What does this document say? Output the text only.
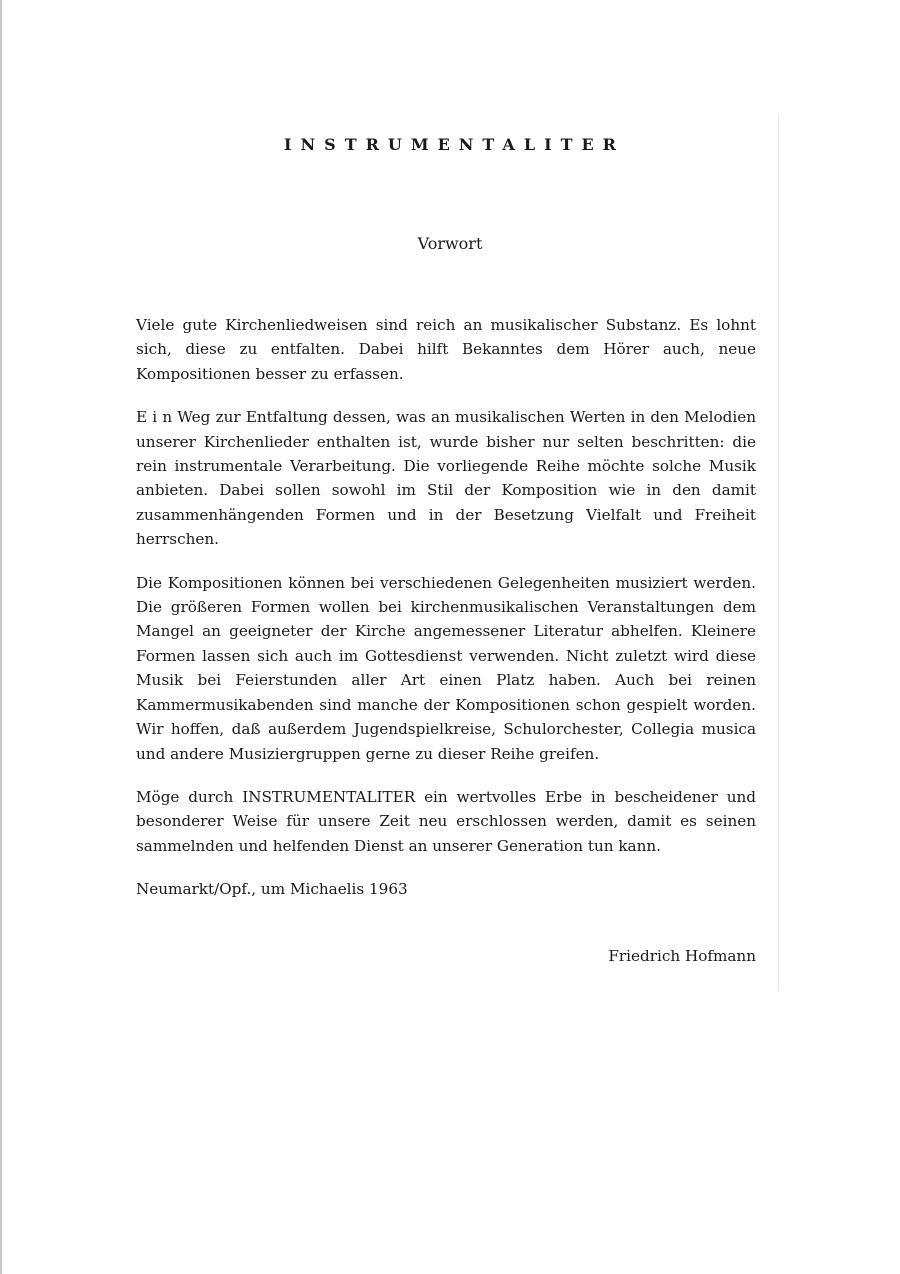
INSTRUMENTALITER
Vorwort

Viele gute Kirchenliedweisen sind reich an musikalischer Substanz. Es lohnt sich, diese zu entfalten. Dabei hilft Bekanntes dem Hörer auch, neue Kompositionen besser zu erfassen.

E i n Weg zur Entfaltung dessen, was an musikalischen Werten in den Melodien unserer Kirchenlieder enthalten ist, wurde bisher nur selten beschritten: die rein instrumentale Verarbeitung. Die vorliegende Reihe möchte solche Musik anbieten. Dabei sollen sowohl im Stil der Komposition wie in den damit zusammenhängenden Formen und in der Besetzung Vielfalt und Freiheit herrschen.

Die Kompositionen können bei verschiedenen Gelegenheiten musiziert werden. Die größeren Formen wollen bei kirchenmusikalischen Veranstaltungen dem Mangel an geeigneter der Kirche angemessener Literatur abhelfen. Kleinere Formen lassen sich auch im Gottesdienst verwenden. Nicht zuletzt wird diese Musik bei Feierstunden aller Art einen Platz haben. Auch bei reinen Kammermusikabenden sind manche der Kompositionen schon gespielt worden. Wir hoffen, daß außerdem Jugendspielkreise, Schulorchester, Collegia musica und andere Musiziergruppen gerne zu dieser Reihe greifen.

Möge durch INSTRUMENTALITER ein wertvolles Erbe in bescheidener und besonderer Weise für unsere Zeit neu erschlossen werden, damit es seinen sammelnden und helfenden Dienst an unserer Generation tun kann.

Neumarkt/Opf., um Michaelis 1963

Friedrich Hofmann
